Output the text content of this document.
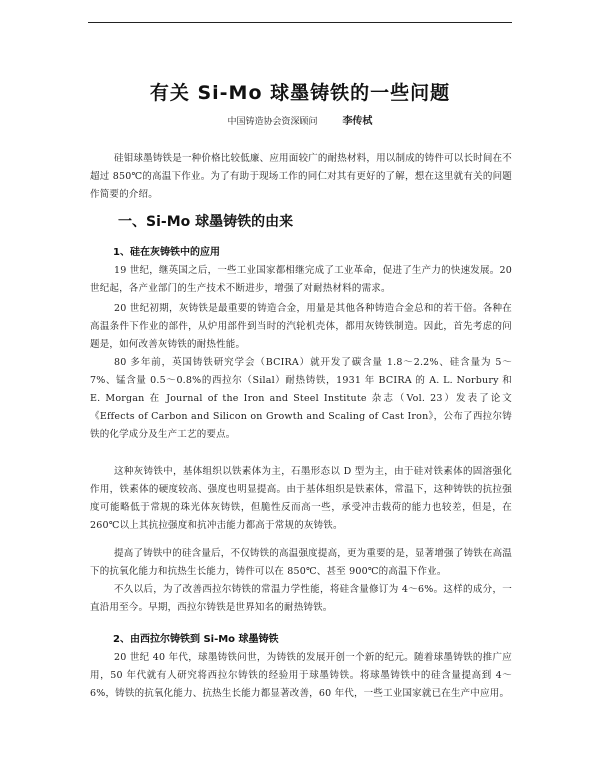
有关 Si-Mo 球墨铸铁的一些问题
中国铸造协会资深顾问 李传栻

硅钼球墨铸铁是一种价格比较低廉、应用面较广的耐热材料，用以制成的铸件可以长时间在不超过 850℃的高温下作业。为了有助于现场工作的同仁对其有更好的了解，想在这里就有关的问题作简要的介绍。

一、Si-Mo 球墨铸铁的由来
1、硅在灰铸铁中的应用

19 世纪，继英国之后，一些工业国家都相继完成了工业革命，促进了生产力的快速发展。20 世纪起，各产业部门的生产技术不断进步，增强了对耐热材料的需求。

20 世纪初期，灰铸铁是最重要的铸造合金，用量是其他各种铸造合金总和的若干倍。各种在高温条件下作业的部件，从炉用部件到当时的汽轮机壳体，都用灰铸铁制造。因此，首先考虑的问题是，如何改善灰铸铁的耐热性能。

80 多年前，英国铸铁研究学会（BCIRA）就开发了碳含量 1.8～2.2%、硅含量为 5～7%、锰含量 0.5～0.8%的西拉尔（Silal）耐热铸铁，1931 年 BCIRA 的 A. L. Norbury 和 E. Morgan 在 Journal of the Iron and Steel Institute 杂志（Vol. 23）发表了论文《Effects of Carbon and Silicon on Growth and Scaling of Cast Iron》，公布了西拉尔铸铁的化学成分及生产工艺的要点。

这种灰铸铁中，基体组织以铁素体为主，石墨形态以 D 型为主，由于硅对铁素体的固溶强化作用，铁素体的硬度较高、强度也明显提高。由于基体组织是铁素体，常温下，这种铸铁的抗拉强度可能略低于常规的珠光体灰铸铁，但脆性反而高一些，承受冲击载荷的能力也较差，但是，在 260℃以上其抗拉强度和抗冲击能力都高于常规的灰铸铁。

提高了铸铁中的硅含量后，不仅铸铁的高温强度提高，更为重要的是，显著增强了铸铁在高温下的抗氧化能力和抗热生长能力，铸件可以在 850℃、甚至 900℃的高温下作业。

不久以后，为了改善西拉尔铸铁的常温力学性能，将硅含量修订为 4～6%。这样的成分，一直沿用至今。早期，西拉尔铸铁是世界知名的耐热铸铁。

2、由西拉尔铸铁到 Si-Mo 球墨铸铁

20 世纪 40 年代，球墨铸铁问世，为铸铁的发展开创一个新的纪元。随着球墨铸铁的推广应用，50 年代就有人研究将西拉尔铸铁的经验用于球墨铸铁。将球墨铸铁中的硅含量提高到 4～6%，铸铁的抗氧化能力、抗热生长能力都显著改善，60 年代，一些工业国家就已在生产中应用。
